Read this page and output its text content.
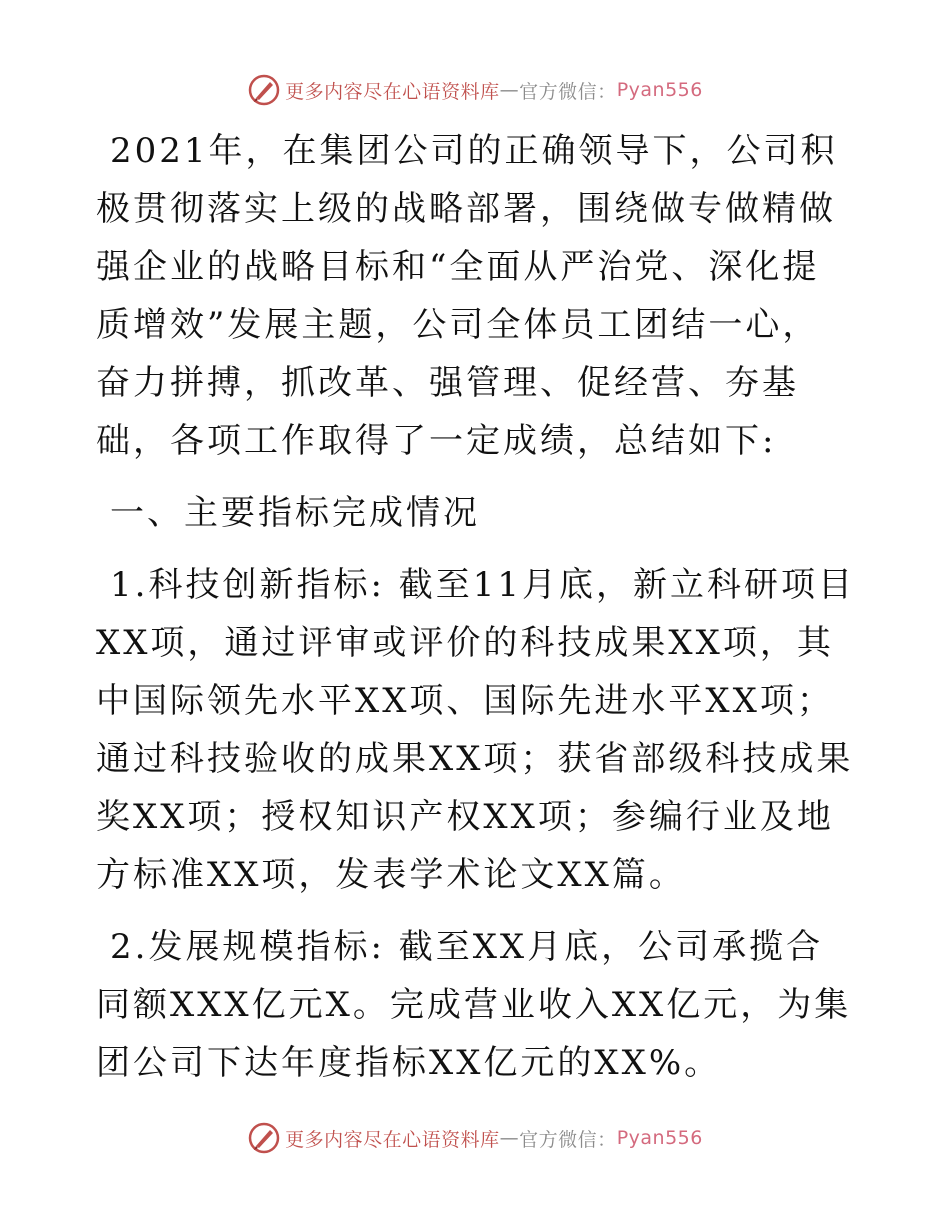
更多内容尽在心语资料库 — 官方微信： Pyan556

2021年，在集团公司的正确领导下，公司积极贯彻落实上级的战略部署，围绕做专做精做强企业的战略目标和“全面从严治党、深化提质增效”发展主题，公司全体员工团结一心，奋力拼搏，抓改革、强管理、促经营、夯基础，各项工作取得了一定成绩，总结如下:

一、主要指标完成情况

1.科技创新指标: 截至11月底，新立科研项目XX项，通过评审或评价的科技成果XX项，其中国际领先水平XX项、国际先进水平XX项；通过科技验收的成果XX项；获省部级科技成果奖XX项；授权知识产权XX项；参编行业及地方标准XX项，发表学术论文XX篇。

2.发展规模指标: 截至XX月底，公司承揽合同额XXX亿元X。完成营业收入XX亿元，为集团公司下达年度指标XX亿元的XX%。

更多内容尽在心语资料库 — 官方微信： Pyan556
